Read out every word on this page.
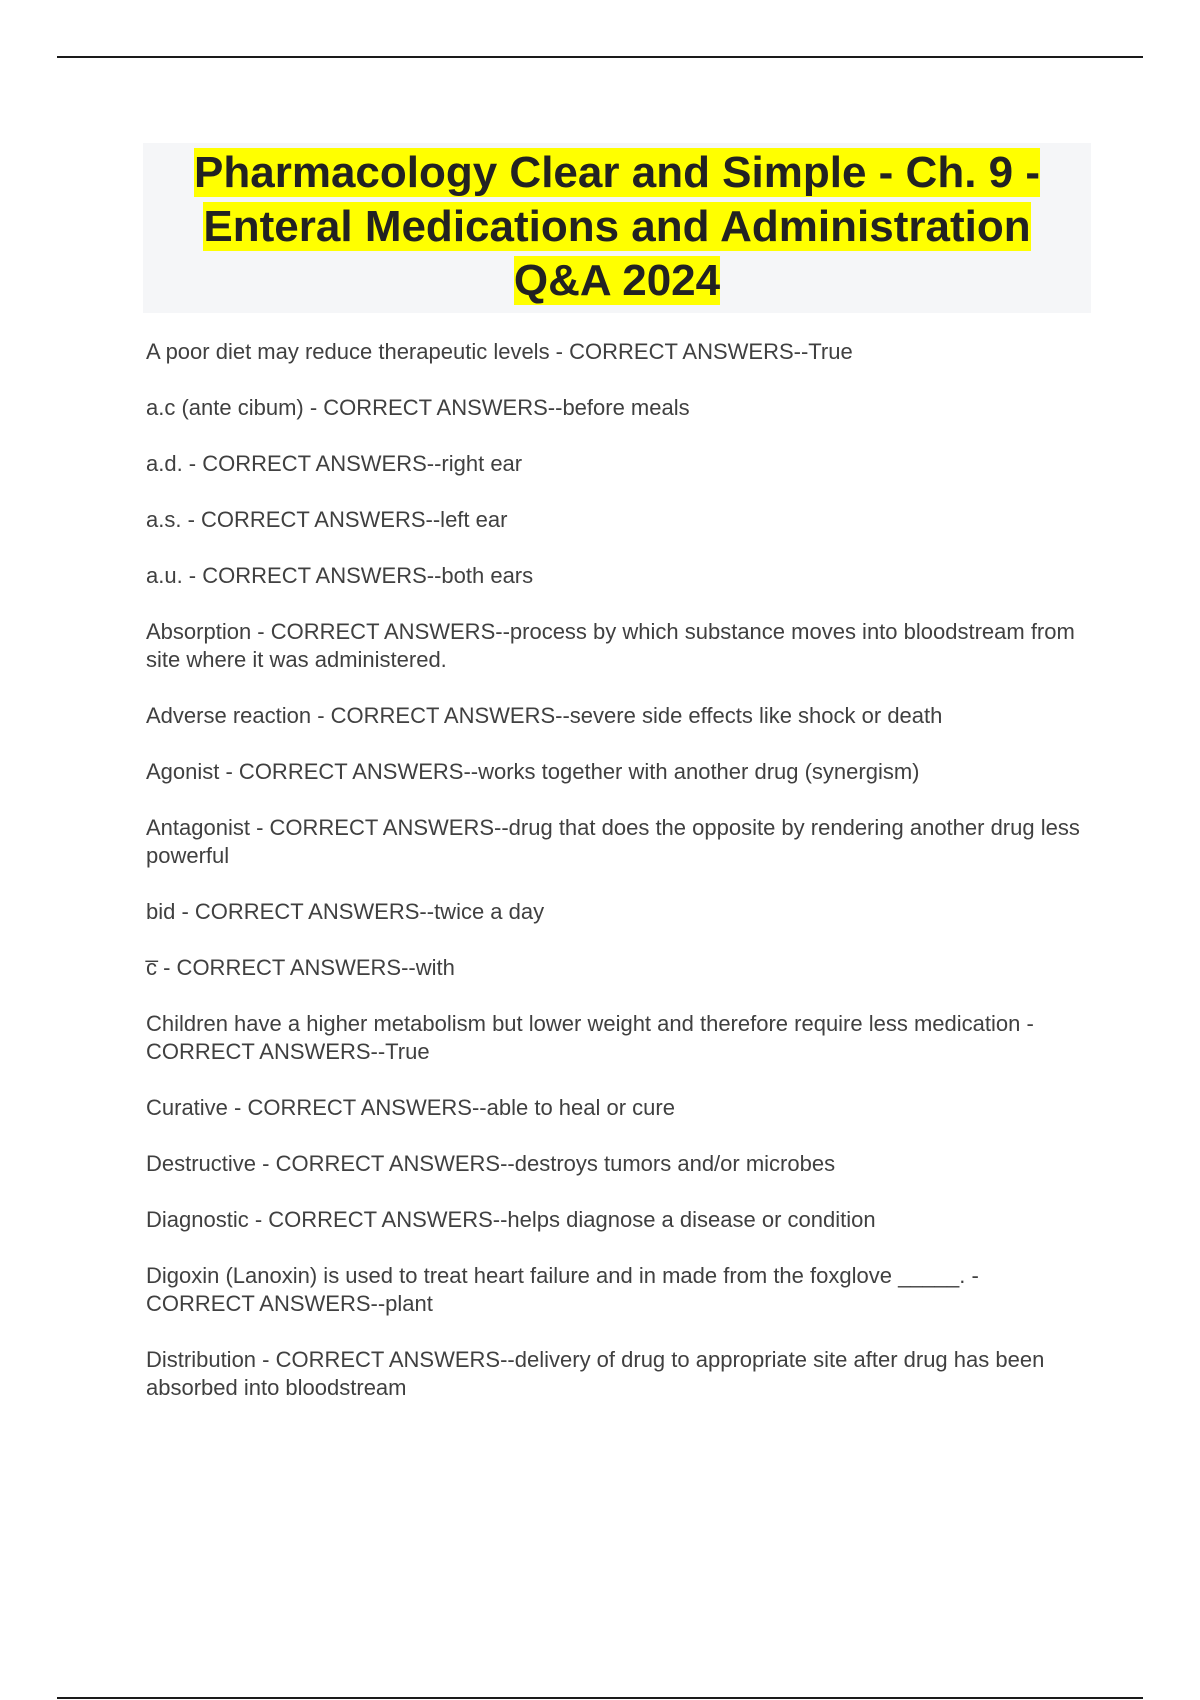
Pharmacology Clear and Simple - Ch. 9 -
Enteral Medications and Administration
Q&A 2024

A poor diet may reduce therapeutic levels - CORRECT ANSWERS--True

a.c (ante cibum) - CORRECT ANSWERS--before meals

a.d. - CORRECT ANSWERS--right ear

a.s. - CORRECT ANSWERS--left ear

a.u. - CORRECT ANSWERS--both ears

Absorption - CORRECT ANSWERS--process by which substance moves into bloodstream from site where it was administered.

Adverse reaction - CORRECT ANSWERS--severe side effects like shock or death

Agonist - CORRECT ANSWERS--works together with another drug (synergism)

Antagonist - CORRECT ANSWERS--drug that does the opposite by rendering another drug less powerful

bid - CORRECT ANSWERS--twice a day

c̅ - CORRECT ANSWERS--with

Children have a higher metabolism but lower weight and therefore require less medication - CORRECT ANSWERS--True

Curative - CORRECT ANSWERS--able to heal or cure

Destructive - CORRECT ANSWERS--destroys tumors and/or microbes

Diagnostic - CORRECT ANSWERS--helps diagnose a disease or condition

Digoxin (Lanoxin) is used to treat heart failure and in made from the foxglove _____. - CORRECT ANSWERS--plant

Distribution - CORRECT ANSWERS--delivery of drug to appropriate site after drug has been absorbed into bloodstream
